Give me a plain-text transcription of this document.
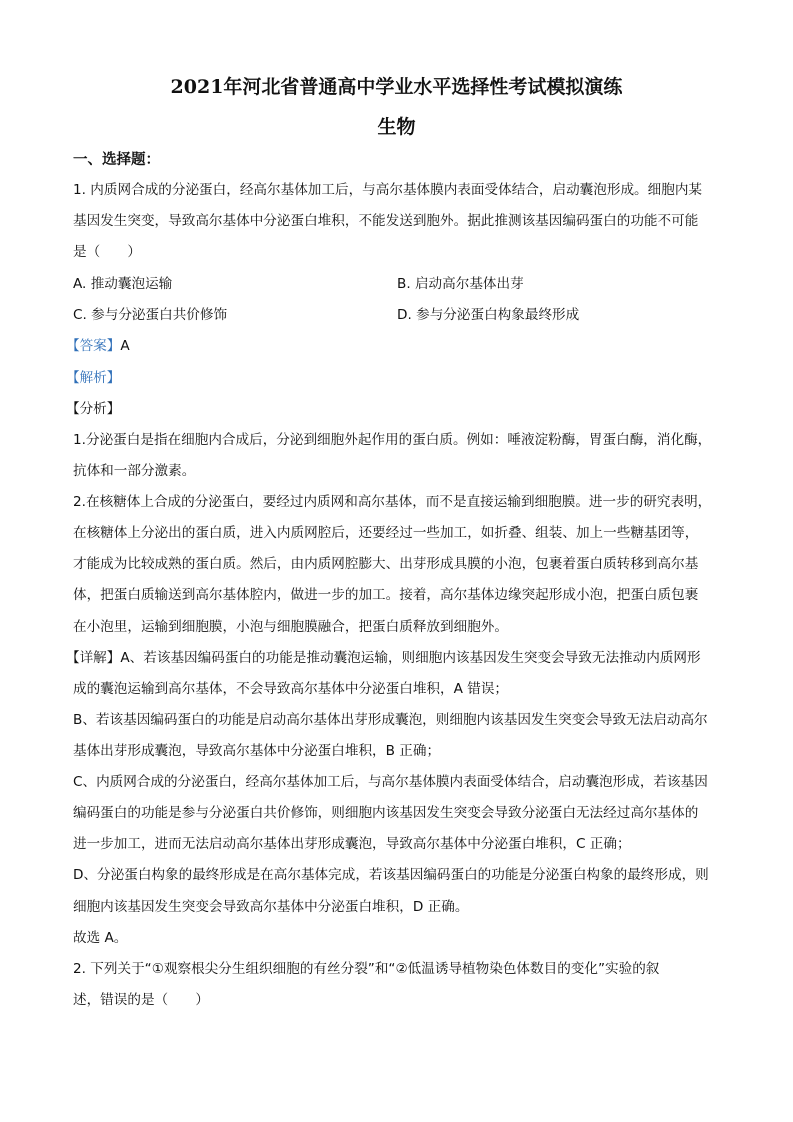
2021年河北省普通高中学业水平选择性考试模拟演练
生物
一、选择题：
1. 内质网合成的分泌蛋白，经高尔基体加工后，与高尔基体膜内表面受体结合，启动囊泡形成。细胞内某
基因发生突变，导致高尔基体中分泌蛋白堆积，不能发送到胞外。据此推测该基因编码蛋白的功能不可能
是（　　）
A. 推动囊泡运输	B. 启动高尔基体出芽
C. 参与分泌蛋白共价修饰	D. 参与分泌蛋白构象最终形成
【答案】A
【解析】
【分析】
1.分泌蛋白是指在细胞内合成后，分泌到细胞外起作用的蛋白质。例如：唾液淀粉酶，胃蛋白酶，消化酶，
抗体和一部分激素。
2.在核糖体上合成的分泌蛋白，要经过内质网和高尔基体，而不是直接运输到细胞膜。进一步的研究表明，
在核糖体上分泌出的蛋白质，进入内质网腔后，还要经过一些加工，如折叠、组装、加上一些糖基团等，
才能成为比较成熟的蛋白质。然后，由内质网腔膨大、出芽形成具膜的小泡，包裹着蛋白质转移到高尔基
体，把蛋白质输送到高尔基体腔内，做进一步的加工。接着，高尔基体边缘突起形成小泡，把蛋白质包裹
在小泡里，运输到细胞膜，小泡与细胞膜融合，把蛋白质释放到细胞外。
【详解】A、若该基因编码蛋白的功能是推动囊泡运输，则细胞内该基因发生突变会导致无法推动内质网形
成的囊泡运输到高尔基体，不会导致高尔基体中分泌蛋白堆积，A 错误；
B、若该基因编码蛋白的功能是启动高尔基体出芽形成囊泡，则细胞内该基因发生突变会导致无法启动高尔
基体出芽形成囊泡，导致高尔基体中分泌蛋白堆积，B 正确；
C、内质网合成的分泌蛋白，经高尔基体加工后，与高尔基体膜内表面受体结合，启动囊泡形成，若该基因
编码蛋白的功能是参与分泌蛋白共价修饰，则细胞内该基因发生突变会导致分泌蛋白无法经过高尔基体的
进一步加工，进而无法启动高尔基体出芽形成囊泡，导致高尔基体中分泌蛋白堆积，C 正确；
D、分泌蛋白构象的最终形成是在高尔基体完成，若该基因编码蛋白的功能是分泌蛋白构象的最终形成，则
细胞内该基因发生突变会导致高尔基体中分泌蛋白堆积，D 正确。
故选 A。
2. 下列关于“①观察根尖分生组织细胞的有丝分裂”和“②低温诱导植物染色体数目的变化”实验的叙
述，错误的是（　　）
